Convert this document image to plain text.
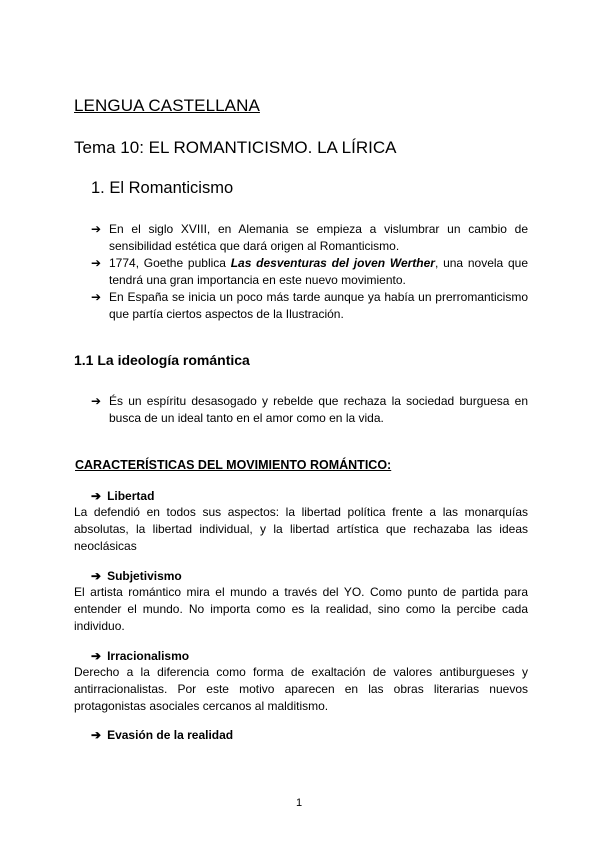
LENGUA CASTELLANA
Tema 10: EL ROMANTICISMO. LA LÍRICA
1. El Romanticismo
➔ En el siglo XVIII, en Alemania se empieza a vislumbrar un cambio de sensibilidad estética que dará origen al Romanticismo.
➔ 1774, Goethe publica Las desventuras del joven Werther, una novela que tendrá una gran importancia en este nuevo movimiento.
➔ En España se inicia un poco más tarde aunque ya había un prerromanticismo que partía ciertos aspectos de la Ilustración.
1.1 La ideología romántica
➔ És un espíritu desasogado y rebelde que rechaza la sociedad burguesa en busca de un ideal tanto en el amor como en la vida.
CARACTERÍSTICAS DEL MOVIMIENTO ROMÁNTICO:
➔ Libertad
La defendió en todos sus aspectos: la libertad política frente a las monarquías absolutas, la libertad individual, y la libertad artística que rechazaba las ideas neoclásicas
➔ Subjetivismo
El artista romántico mira el mundo a través del YO. Como punto de partida para entender el mundo. No importa como es la realidad, sino como la percibe cada individuo.
➔ Irracionalismo
Derecho a la diferencia como forma de exaltación de valores antiburgueses y antirracionalistas. Por este motivo aparecen en las obras literarias nuevos protagonistas asociales cercanos al malditismo.
➔ Evasión de la realidad
1
